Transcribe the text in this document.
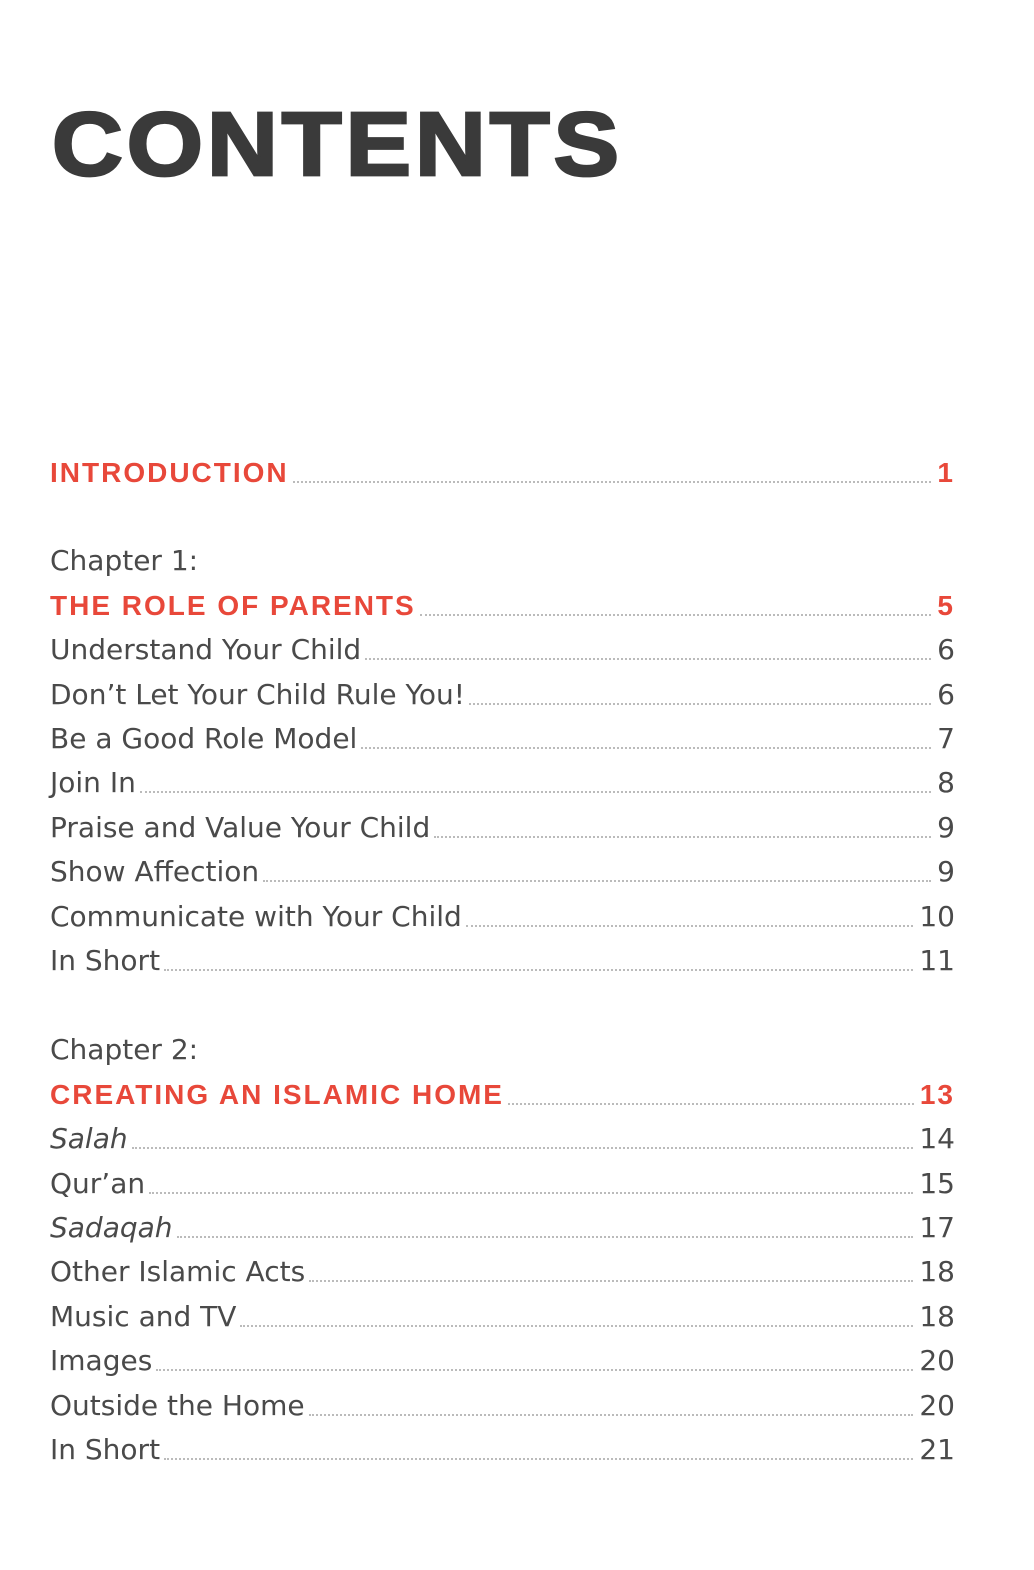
CONTENTS
INTRODUCTION	1
Chapter 1:
THE ROLE OF PARENTS	5
Understand Your Child	6
Don’t Let Your Child Rule You!	6
Be a Good Role Model	7
Join In	8
Praise and Value Your Child	9
Show Affection	9
Communicate with Your Child	10
In Short	11
Chapter 2:
CREATING AN ISLAMIC HOME	13
Salah	14
Qur’an	15
Sadaqah	17
Other Islamic Acts	18
Music and TV	18
Images	20
Outside the Home	20
In Short	21
